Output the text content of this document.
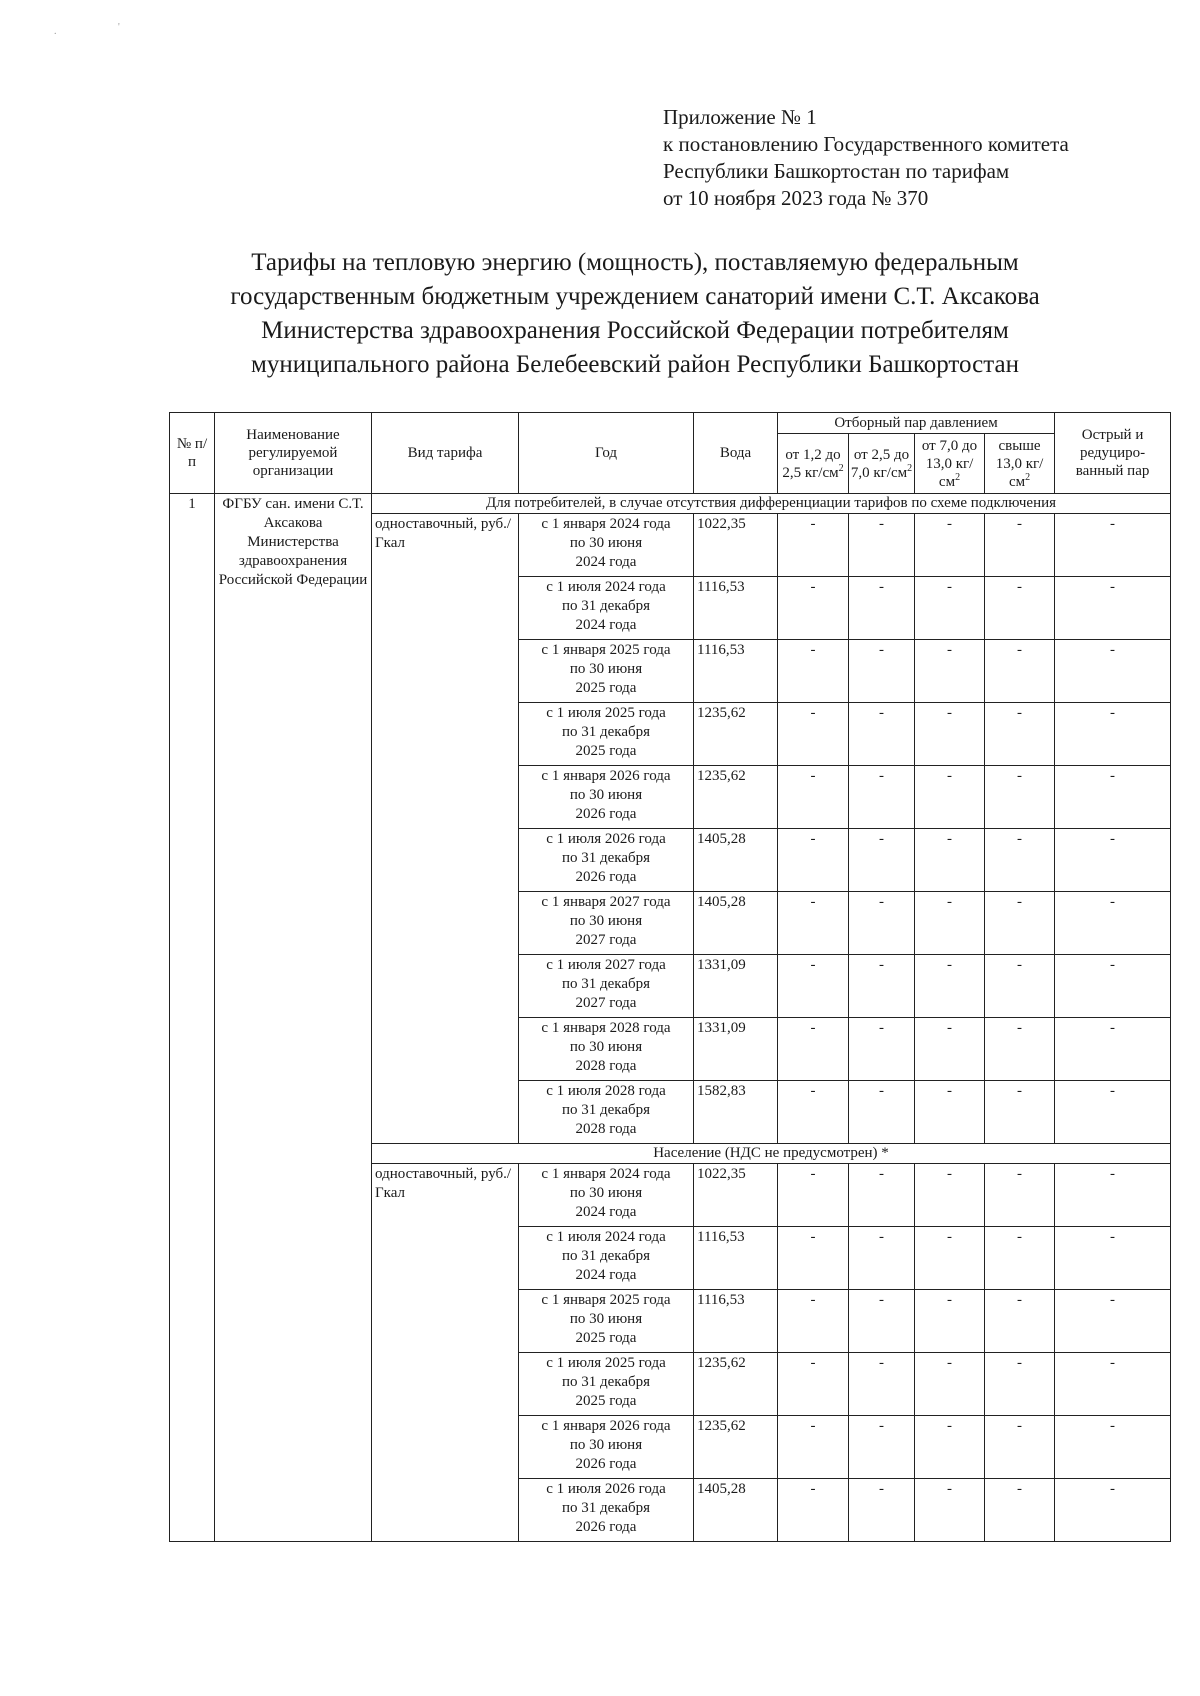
.	'
Приложение № 1
к постановлению Государственного комитета
Республики Башкортостан по тарифам
от 10 ноября 2023 года № 370
Тарифы на тепловую энергию (мощность), поставляемую федеральным
государственным бюджетным учреждением санаторий имени С.Т. Аксакова
Министерства здравоохранения Российской Федерации потребителям
муниципального района Белебеевский район Республики Башкортостан
№ п/п	Наименование регулируемой организации	Вид тарифа	Год	Вода	Отборный пар давлением				Острый и редуциро-ванный пар
					от 1,2 до 2,5 $кг/см^2$	от 2,5 до 7,0 $кг/см^2$	от 7,0 до 13,0 $кг/см^2$	свыше 13,0 $кг/см^2$
1	ФГБУ сан. имени С.Т. Аксакова Министерства здравоохранения Российской Федерации	Для потребителей, в случае отсутствия дифференциации тарифов по схеме подключения							
		одноставочный, руб./Гкал	с 1 января 2024 года
по 30 июня
2024 года	1022,35	-	-	-	-	-

			с 1 июля 2024 года
по 31 декабря
2024 года	1116,53	-	-	-	-	-

			с 1 января 2025 года
по 30 июня
2025 года	1116,53	-	-	-	-	-

			с 1 июля 2025 года
по 31 декабря
2025 года	1235,62	-	-	-	-	-

			с 1 января 2026 года
по 30 июня
2026 года	1235,62	-	-	-	-	-

			с 1 июля 2026 года
по 31 декабря
2026 года	1405,28	-	-	-	-	-

			с 1 января 2027 года
по 30 июня
2027 года	1405,28	-	-	-	-	-

			с 1 июля 2027 года
по 31 декабря
2027 года	1331,09	-	-	-	-	-

			с 1 января 2028 года
по 30 июня
2028 года	1331,09	-	-	-	-	-

			с 1 июля 2028 года
по 31 декабря
2028 года	1582,83	-	-	-	-	-
		Население (НДС не предусмотрен) *							
		одноставочный, руб./Гкал	с 1 января 2024 года
по 30 июня
2024 года	1022,35	-	-	-	-	-

			с 1 июля 2024 года
по 31 декабря
2024 года	1116,53	-	-	-	-	-

			с 1 января 2025 года
по 30 июня
2025 года	1116,53	-	-	-	-	-

			с 1 июля 2025 года
по 31 декабря
2025 года	1235,62	-	-	-	-	-

			с 1 января 2026 года
по 30 июня
2026 года	1235,62	-	-	-	-	-

			с 1 июля 2026 года
по 31 декабря
2026 года	1405,28	-	-	-	-	-
